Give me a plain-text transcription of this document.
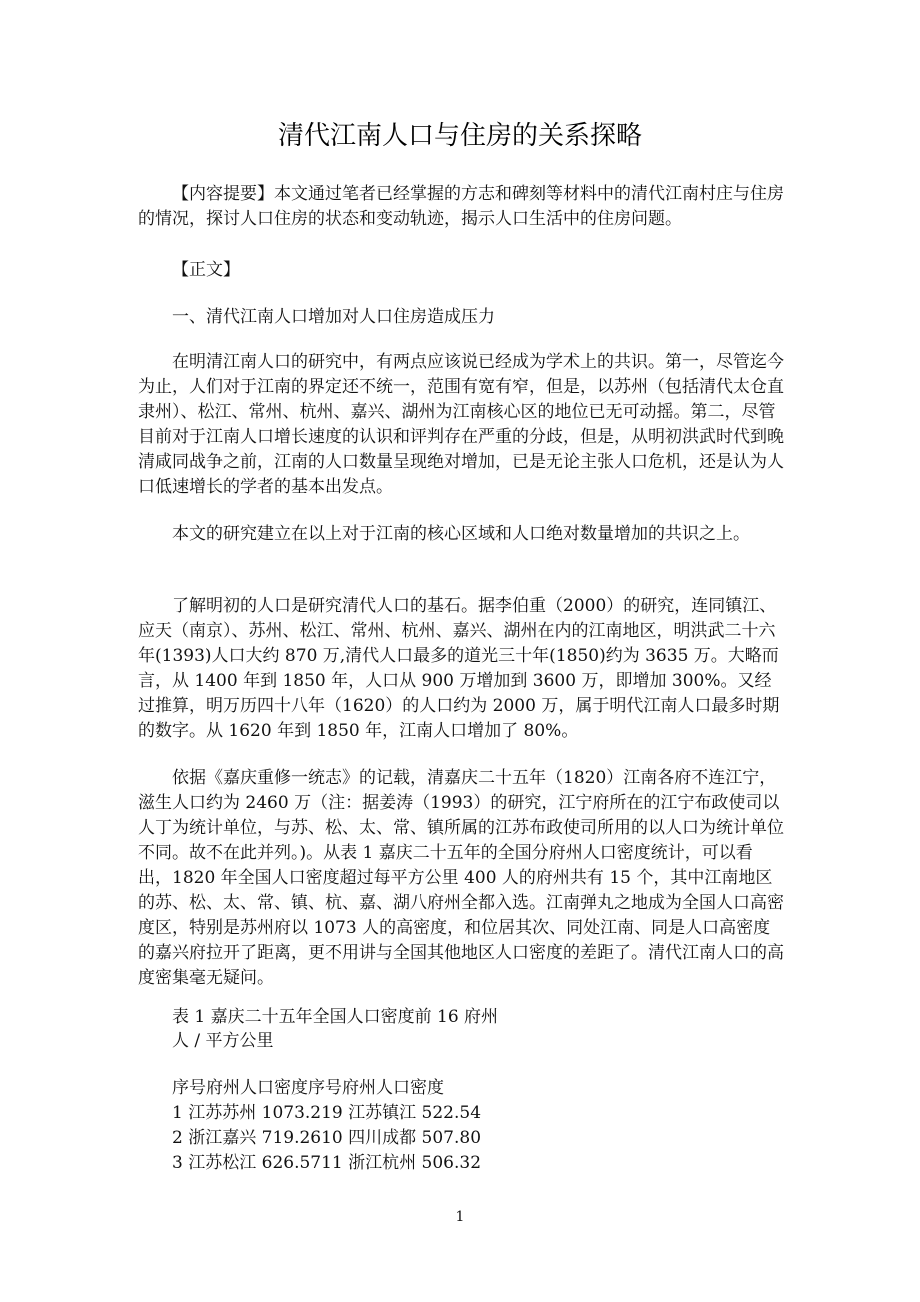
清代江南人口与住房的关系探略

【内容提要】本文通过笔者已经掌握的方志和碑刻等材料中的清代江南村庄与住房的情况，探讨人口住房的状态和变动轨迹，揭示人口生活中的住房问题。

【正文】

一、清代江南人口增加对人口住房造成压力

在明清江南人口的研究中，有两点应该说已经成为学术上的共识。第一，尽管迄今为止，人们对于江南的界定还不统一，范围有宽有窄，但是，以苏州（包括清代太仓直隶州）、松江、常州、杭州、嘉兴、湖州为江南核心区的地位已无可动摇。第二，尽管目前对于江南人口增长速度的认识和评判存在严重的分歧，但是，从明初洪武时代到晚清咸同战争之前，江南的人口数量呈现绝对增加，已是无论主张人口危机，还是认为人口低速增长的学者的基本出发点。

本文的研究建立在以上对于江南的核心区域和人口绝对数量增加的共识之上。

了解明初的人口是研究清代人口的基石。据李伯重（2000）的研究，连同镇江、应天（南京）、苏州、松江、常州、杭州、嘉兴、湖州在内的江南地区，明洪武二十六年(1393)人口大约 870 万,清代人口最多的道光三十年(1850)约为 3635 万。大略而言，从 1400 年到 1850 年，人口从 900 万增加到 3600 万，即增加 300%。又经过推算，明万历四十八年（1620）的人口约为 2000 万，属于明代江南人口最多时期的数字。从 1620 年到 1850 年，江南人口增加了 80%。

依据《嘉庆重修一统志》的记载，清嘉庆二十五年（1820）江南各府不连江宁，滋生人口约为 2460 万（注：据姜涛（1993）的研究，江宁府所在的江宁布政使司以人丁为统计单位，与苏、松、太、常、镇所属的江苏布政使司所用的以人口为统计单位不同。故不在此并列。)。从表 1 嘉庆二十五年的全国分府州人口密度统计，可以看出，1820 年全国人口密度超过每平方公里 400 人的府州共有 15 个，其中江南地区的苏、松、太、常、镇、杭、嘉、湖八府州全都入选。江南弹丸之地成为全国人口高密度区，特别是苏州府以 1073 人的高密度，和位居其次、同处江南、同是人口高密度的嘉兴府拉开了距离，更不用讲与全国其他地区人口密度的差距了。清代江南人口的高度密集毫无疑问。

表 1 嘉庆二十五年全国人口密度前 16 府州
人 / 平方公里
序号府州人口密度序号府州人口密度
1 江苏苏州 1073.219 江苏镇江 522.54
2 浙江嘉兴 719.2610 四川成都 507.80
3 江苏松江 626.5711 浙江杭州 506.32
1
